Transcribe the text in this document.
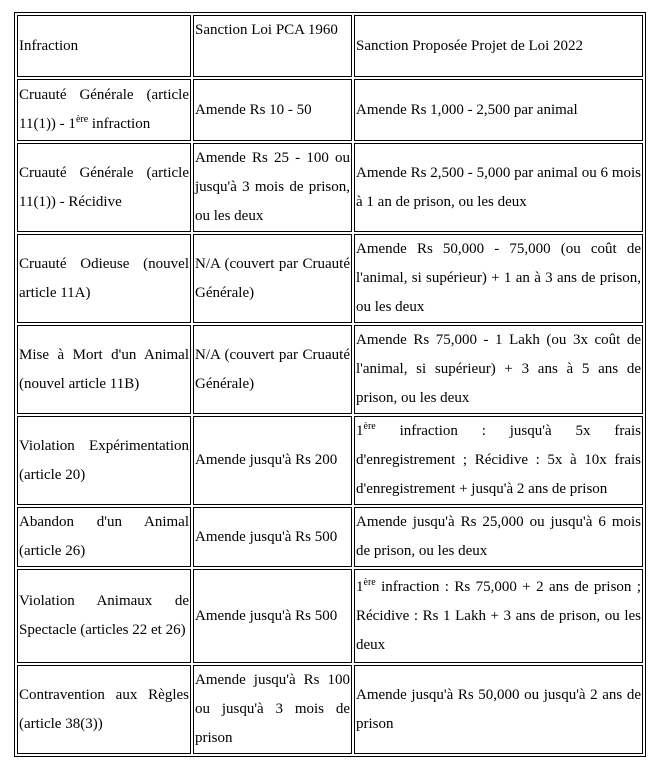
Infraction	Sanction Loi PCA 1960	Sanction Proposée Projet de Loi 2022
Cruauté Générale (article 11(1)) - 1ère infraction	Amende Rs 10 - 50	Amende Rs 1,000 - 2,500 par animal
Cruauté Générale (article 11(1)) - Récidive	Amende Rs 25 - 100 ou jusqu'à 3 mois de prison, ou les deux	Amende Rs 2,500 - 5,000 par animal ou 6 mois à 1 an de prison, ou les deux
Cruauté Odieuse (nouvel article 11A)	N/A (couvert par Cruauté Générale)	Amende Rs 50,000 - 75,000 (ou coût de l'animal, si supérieur) + 1 an à 3 ans de prison, ou les deux
Mise à Mort d'un Animal (nouvel article 11B)	N/A (couvert par Cruauté Générale)	Amende Rs 75,000 - 1 Lakh (ou 3x coût de l'animal, si supérieur) + 3 ans à 5 ans de prison, ou les deux
Violation Expérimentation (article 20)	Amende jusqu'à Rs 200	1ère infraction : jusqu'à 5x frais d'enregistrement ; Récidive : 5x à 10x frais d'enregistrement + jusqu'à 2 ans de prison
Abandon d'un Animal (article 26)	Amende jusqu'à Rs 500	Amende jusqu'à Rs 25,000 ou jusqu'à 6 mois de prison, ou les deux
Violation Animaux de Spectacle (articles 22 et 26)	Amende jusqu'à Rs 500	1ère infraction : Rs 75,000 + 2 ans de prison ; Récidive : Rs 1 Lakh + 3 ans de prison, ou les deux
Contravention aux Règles (article 38(3))	Amende jusqu'à Rs 100 ou jusqu'à 3 mois de prison	Amende jusqu'à Rs 50,000 ou jusqu'à 2 ans de prison
